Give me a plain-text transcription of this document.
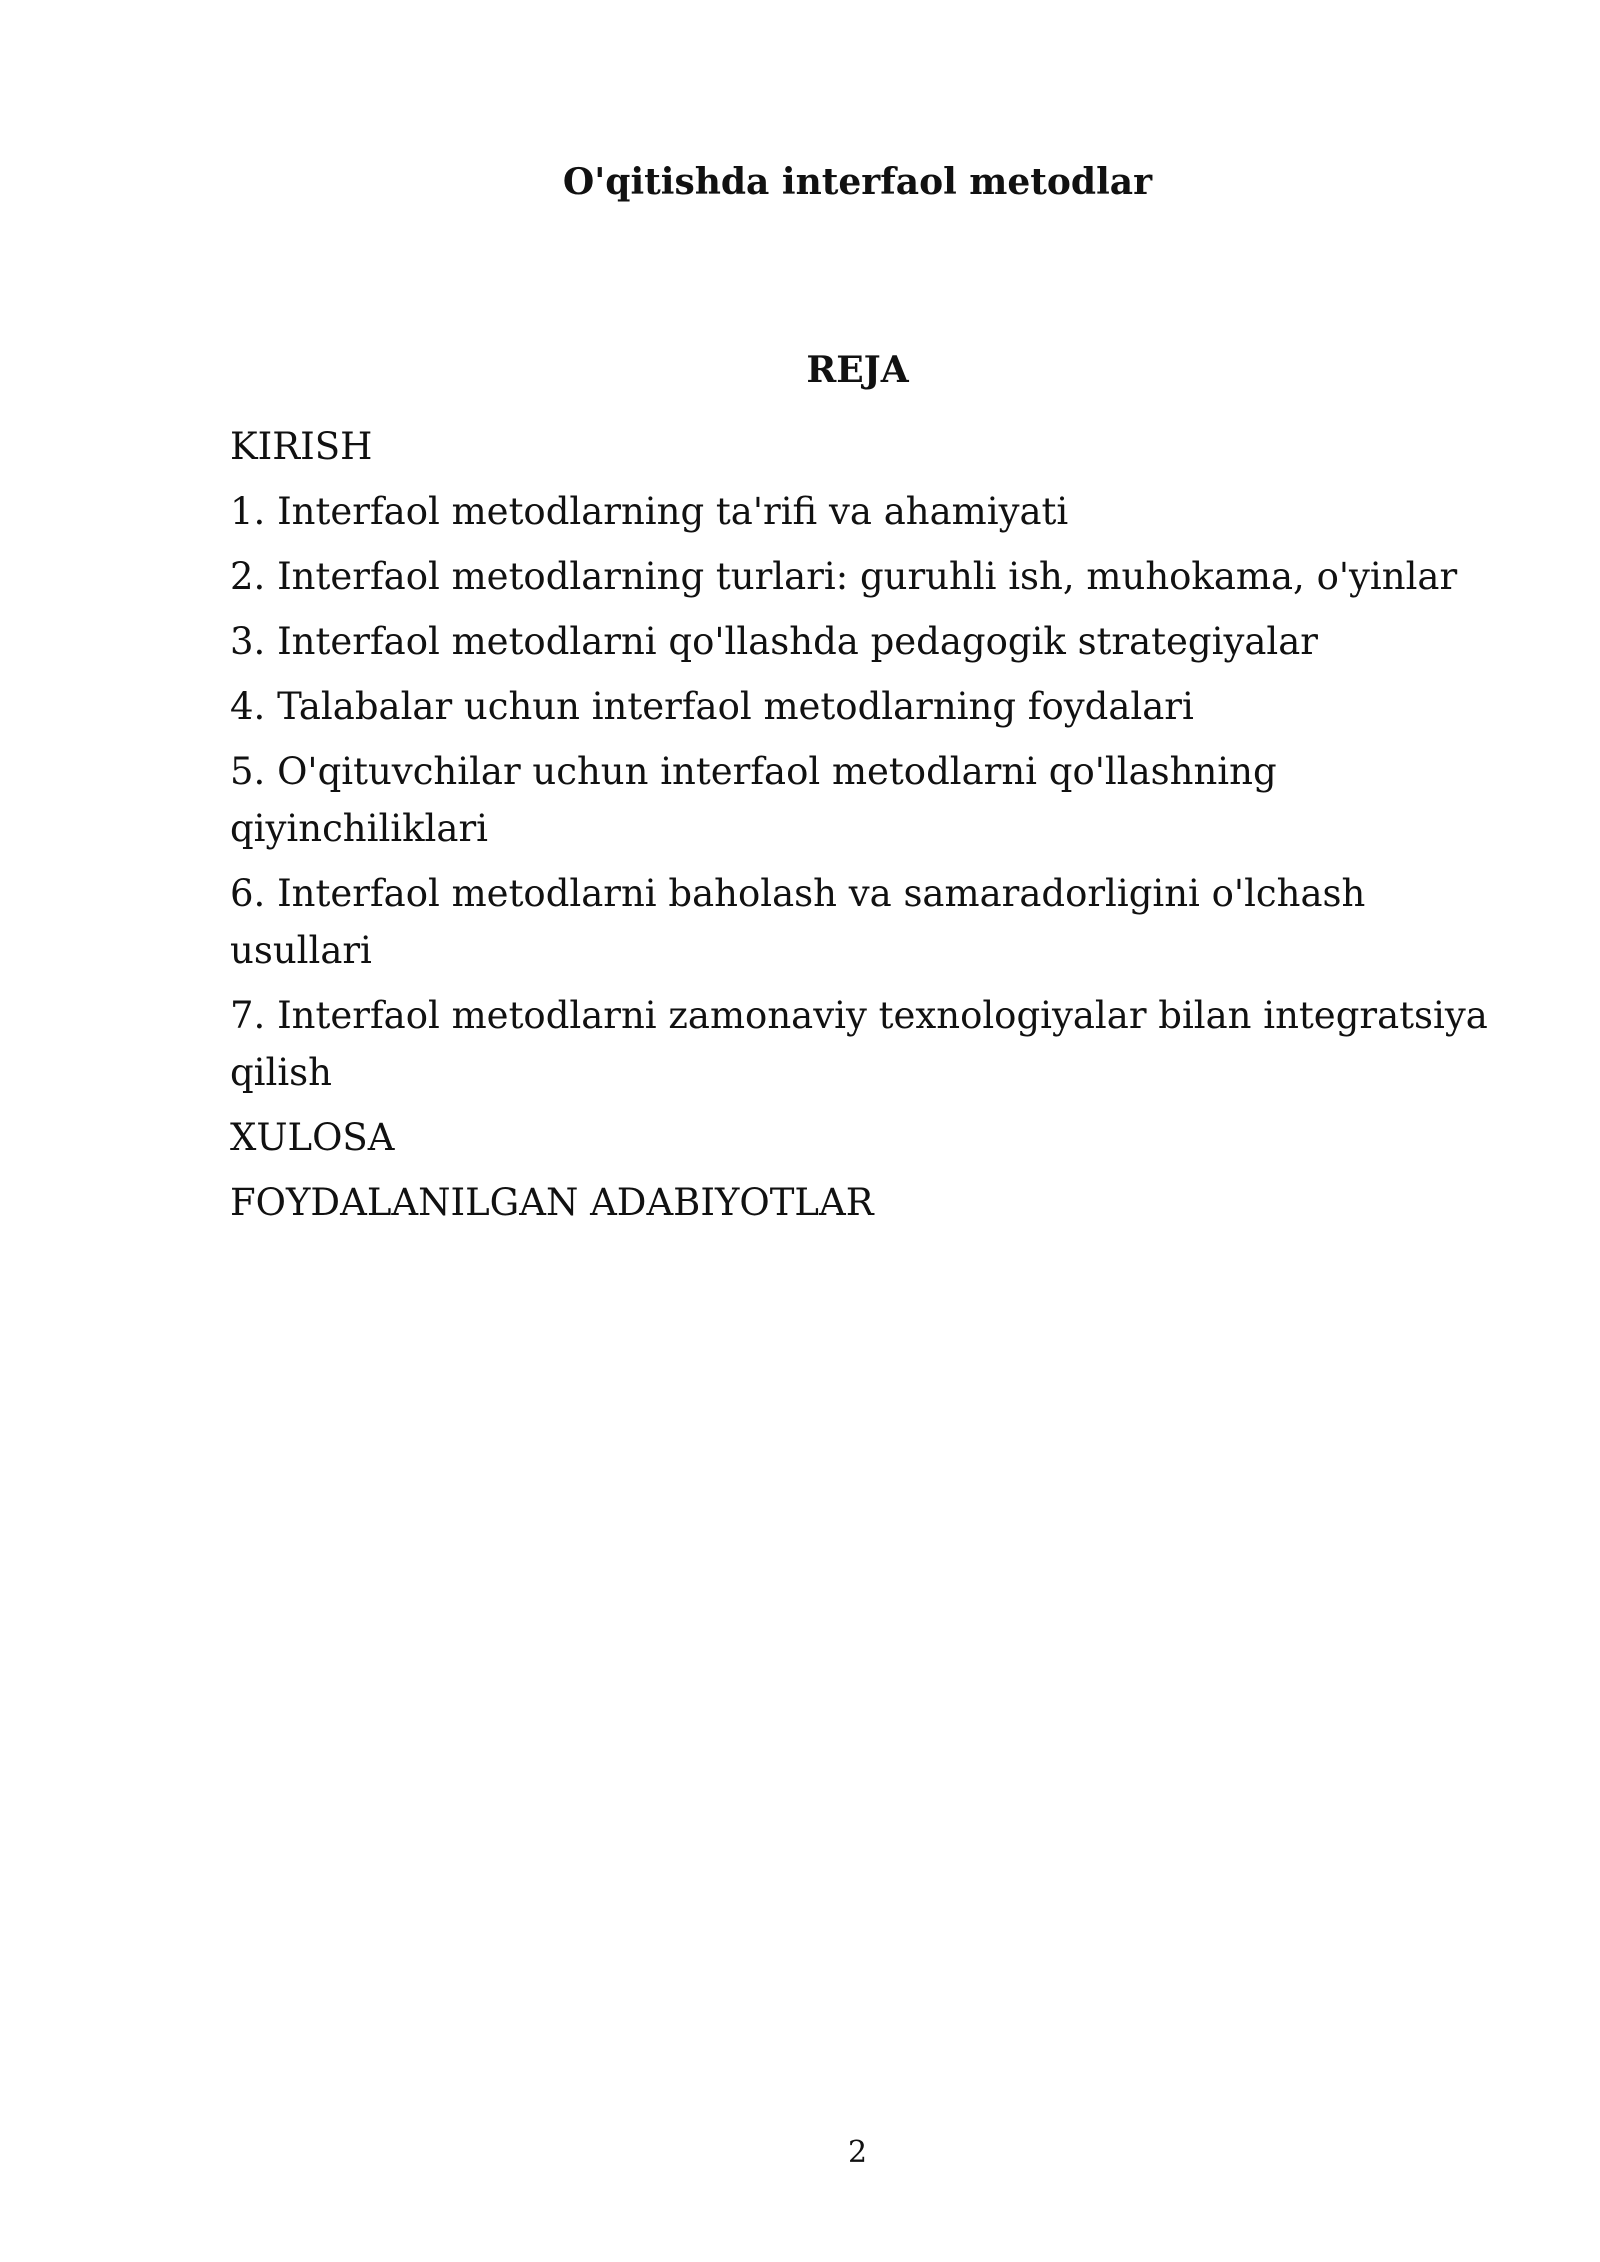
O'qitishda interfaol metodlar
REJA
KIRISH
1. Interfaol metodlarning ta'rifi va ahamiyati
2. Interfaol metodlarning turlari: guruhli ish, muhokama, o'yinlar
3. Interfaol metodlarni qo'llashda pedagogik strategiyalar
4. Talabalar uchun interfaol metodlarning foydalari
5. O'qituvchilar uchun interfaol metodlarni qo'llashning qiyinchiliklari
6. Interfaol metodlarni baholash va samaradorligini o'lchash usullari
7. Interfaol metodlarni zamonaviy texnologiyalar bilan integratsiya qilish
XULOSA
FOYDALANILGAN ADABIYOTLAR
2
